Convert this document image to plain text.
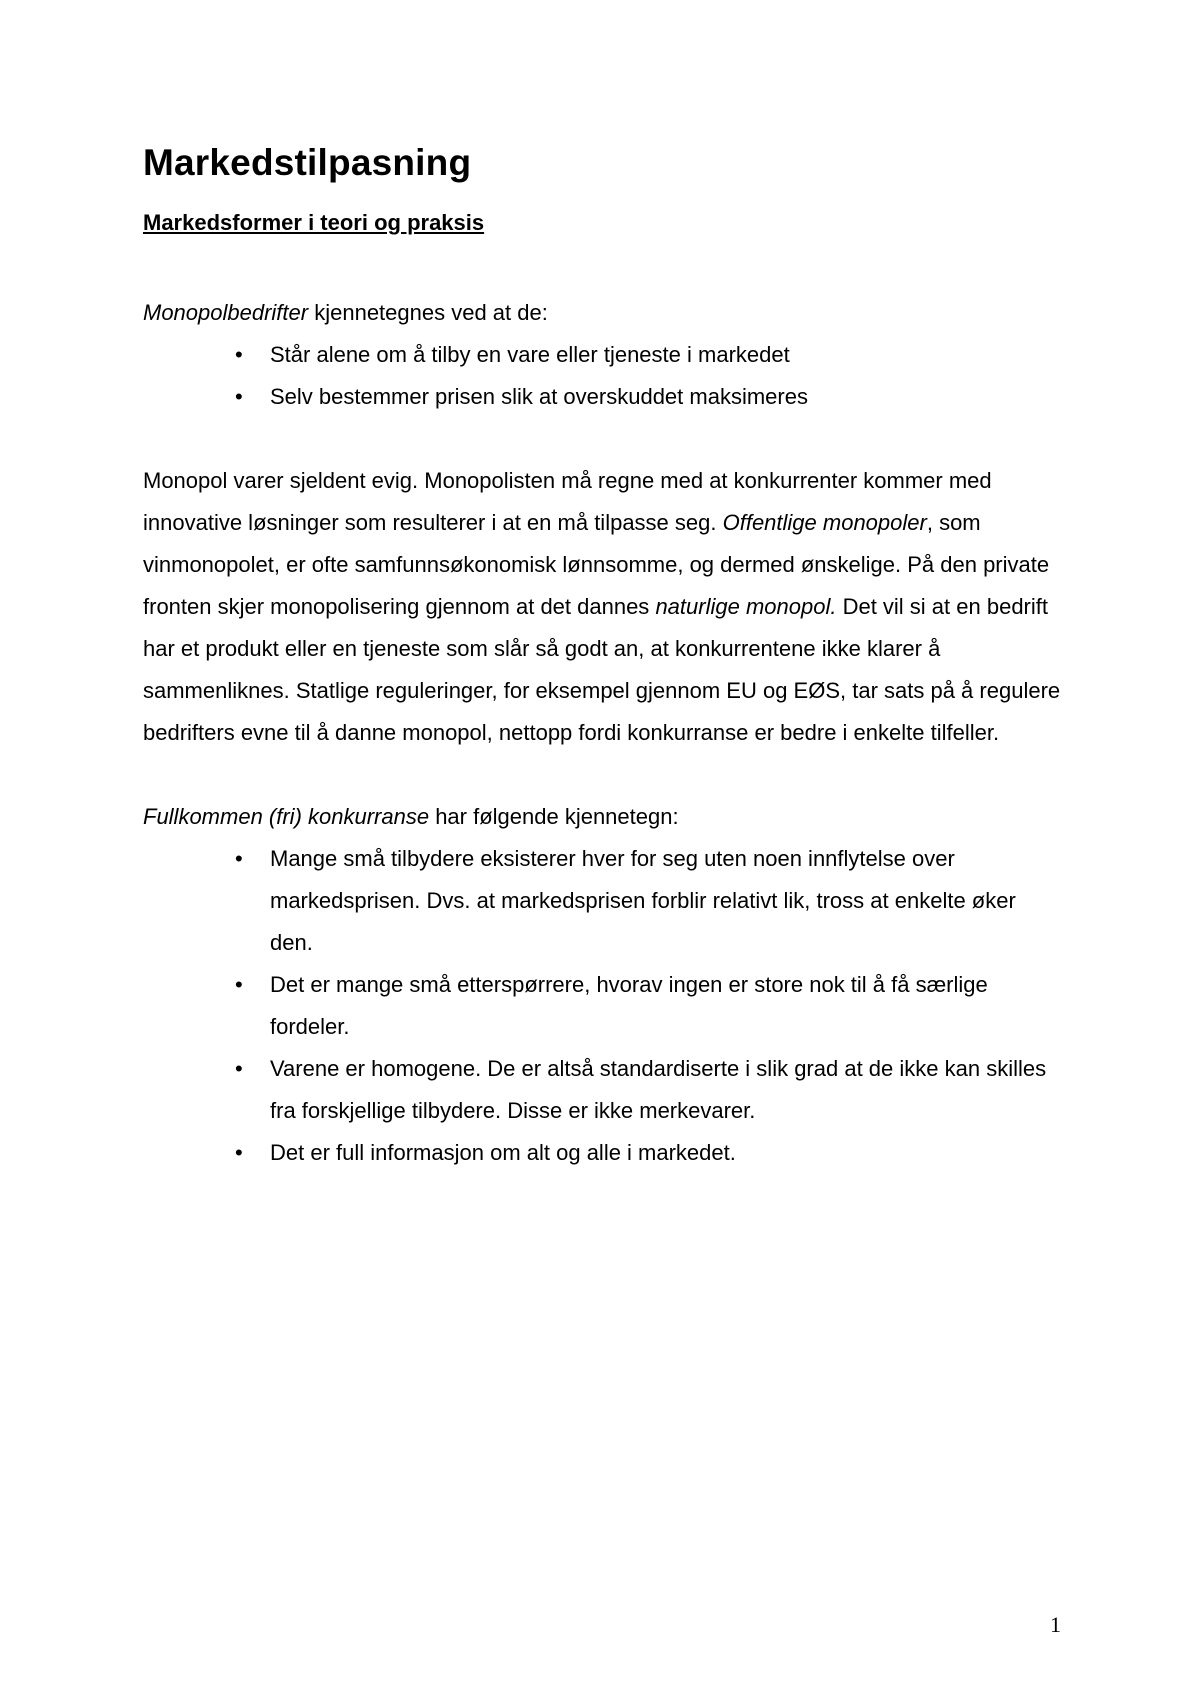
Markedstilpasning
Markedsformer i teori og praksis

Monopolbedrifter kjennetegnes ved at de:

• Står alene om å tilby en vare eller tjeneste i markedet
• Selv bestemmer prisen slik at overskuddet maksimeres

Monopol varer sjeldent evig. Monopolisten må regne med at konkurrenter kommer med innovative løsninger som resulterer i at en må tilpasse seg. Offentlige monopoler, som vinmonopolet, er ofte samfunnsøkonomisk lønnsomme, og dermed ønskelige. På den private fronten skjer monopolisering gjennom at det dannes naturlige monopol. Det vil si at en bedrift har et produkt eller en tjeneste som slår så godt an, at konkurrentene ikke klarer å sammenliknes. Statlige reguleringer, for eksempel gjennom EU og EØS, tar sats på å regulere bedrifters evne til å danne monopol, nettopp fordi konkurranse er bedre i enkelte tilfeller.

Fullkommen (fri) konkurranse har følgende kjennetegn:

• Mange små tilbydere eksisterer hver for seg uten noen innflytelse over markedsprisen. Dvs. at markedsprisen forblir relativt lik, tross at enkelte øker den.
• Det er mange små etterspørrere, hvorav ingen er store nok til å få særlige fordeler.
• Varene er homogene. De er altså standardiserte i slik grad at de ikke kan skilles fra forskjellige tilbydere. Disse er ikke merkevarer.
• Det er full informasjon om alt og alle i markedet.
1
